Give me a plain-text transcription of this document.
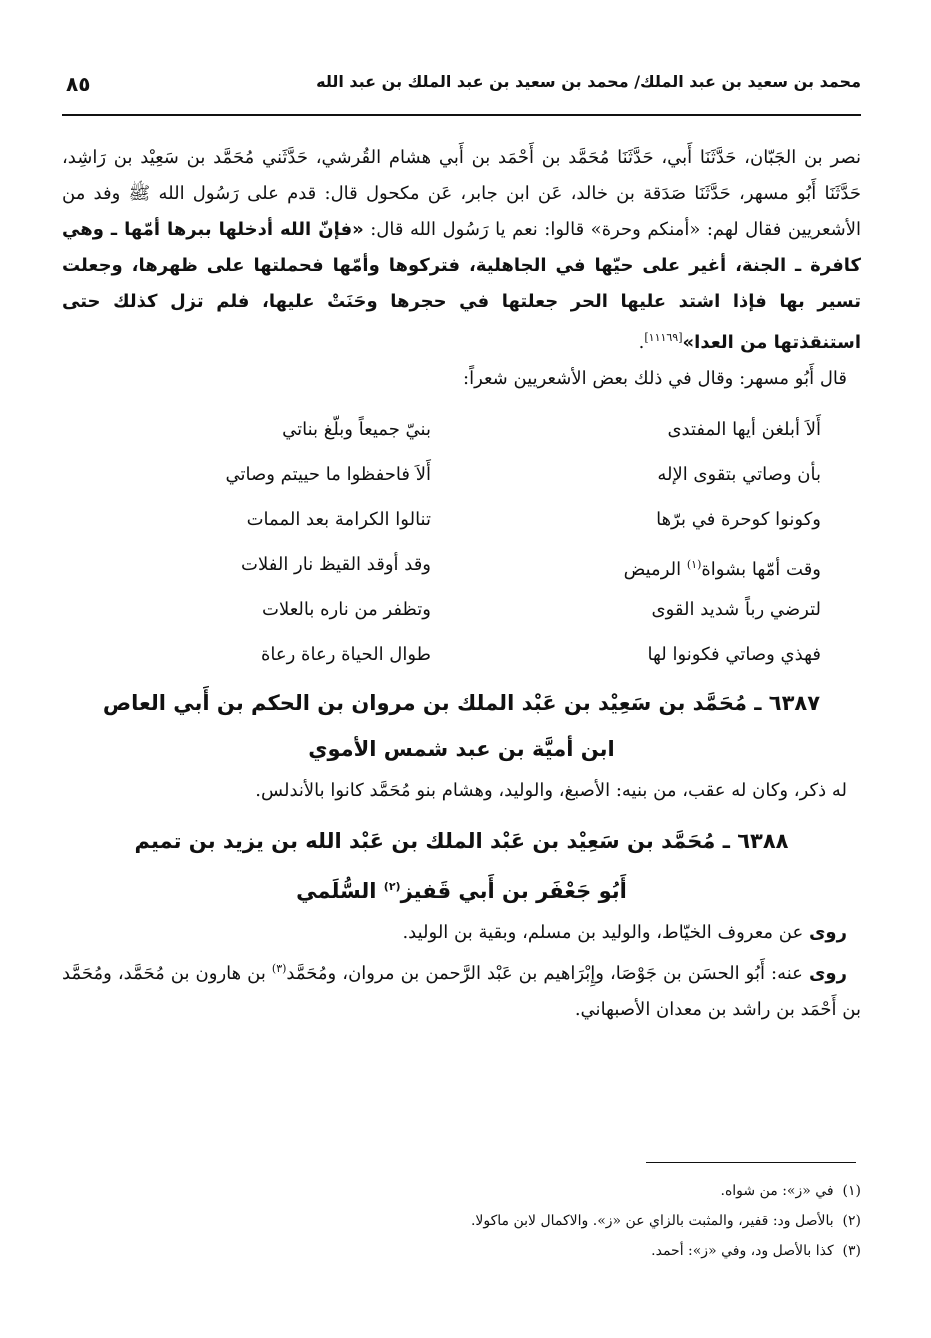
٨٥	محمد بن سعيد بن عبد الملك/ محمد بن سعيد بن عبد الملك بن عبد الله

نصر بن الجَبّان، حَدَّثَنَا أَبي، حَدَّثَنَا مُحَمَّد بن أَحْمَد بن أَبي هشام القُرشي، حَدَّثَني مُحَمَّد بن سَعِيْد بن رَاشِد، حَدَّثَنَا أَبُو مسهر، حَدَّثَنَا صَدَقة بن خالد، عَن ابن جابر، عَن مكحول قال: قدم على رَسُول الله ﷺ وفد من الأشعريين فقال لهم: «أمنكم وحرة» قالوا: نعم يا رَسُول الله قال: «فإنّ الله أدخلها ببرها أمّها ـ وهي كافرة ـ الجنة، أغير على حيّها في الجاهلية، فتركوها وأمّها فحملتها على ظهرها، وجعلت تسير بها فإذا اشتد عليها الحر جعلتها في حجرها وحَنَتْ عليها، فلم تزل كذلك حتى استنقذتها من العدا»[١١١٦٩].

قال أَبُو مسهر: وقال في ذلك بعض الأشعريين شعراً:

أَلاَ أبلغن أيها المفتدى
بنيّ جميعاً وبلّغ بناتي
بأن وصاتي بتقوى الإله
أَلاَ فاحفظوا ما حييتم وصاتي
وكونوا كوحرة في برّها
تنالوا الكرامة بعد الممات
وقت أمّها بشواة$^{(١)}$ الرميض
وقد أوقد القيظ نار الفلات
لترضي رباً شديد القوى
وتظفر من ناره بالعلات
فهذي وصاتي فكونوا لها
طوال الحياة رعاة رعاة
٦٣٨٧ ـ مُحَمَّد بن سَعِيْد بن عَبْد الملك بن مروان بن الحكم بن أَبي العاص
ابن أميَّة بن عبد شمس الأموي

له ذكر، وكان له عقب، من بنيه: الأصبغ، والوليد، وهشام بنو مُحَمَّد كانوا بالأندلس.

٦٣٨٨ ـ مُحَمَّد بن سَعِيْد بن عَبْد الملك بن عَبْد الله بن يزيد بن تميم
أَبُو جَعْفَر بن أَبي قَفيز$^{(٢)}$ السُّلَمي

روى عن معروف الخيّاط، والوليد بن مسلم، وبقية بن الوليد.

روى عنه: أَبُو الحسَن بن جَوْصَا، وإِبْرَاهيم بن عَبْد الرَّحمن بن مروان، ومُحَمَّد$^{(٣)}$ بن هارون بن مُحَمَّد، ومُحَمَّد بن أَحْمَد بن راشد بن معدان الأصبهاني.

(١)  في «ز»: من شواه.

(٢)  بالأصل ود: قفير، والمثبت بالزاي عن «ز». والاكمال لابن ماكولا.

(٣)  كذا بالأصل ود، وفي «ز»: أحمد.
